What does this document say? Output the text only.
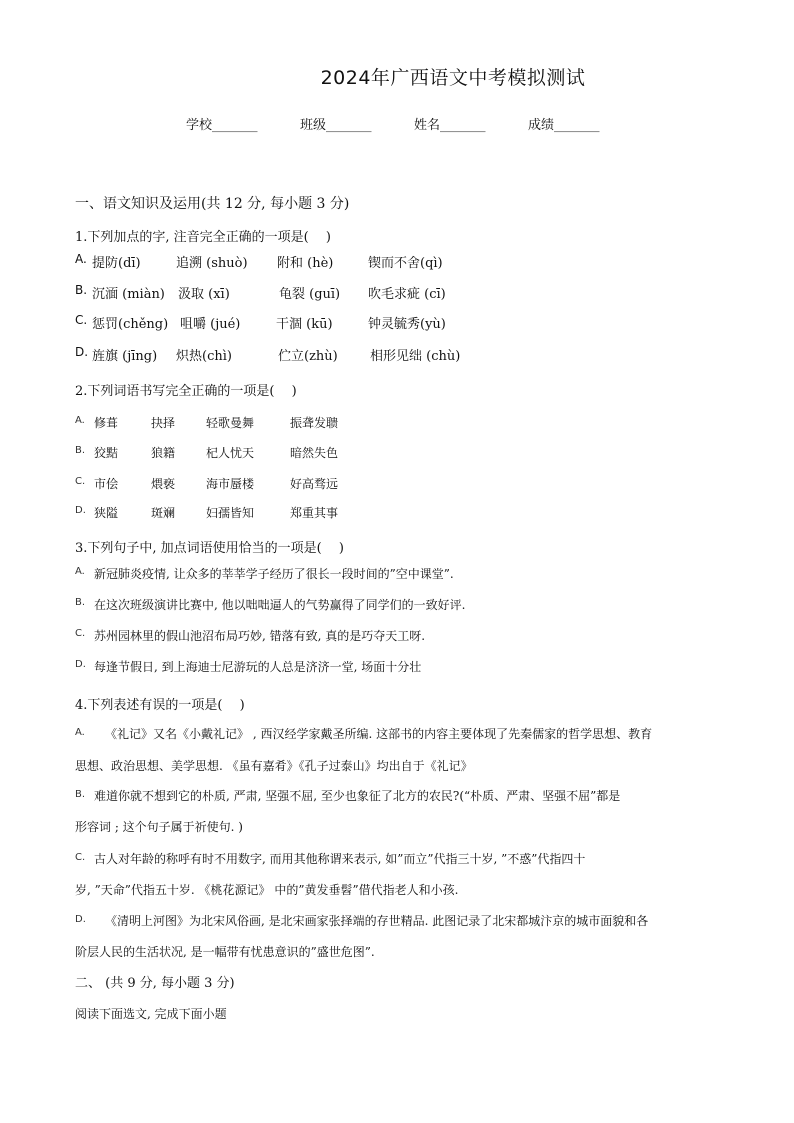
2024年广西语文中考模拟测试
学校_______	班级_______	姓名_______	成绩_______
一、语文知识及运用(共 12 分, 每小题 3 分)
1.下列加点的字, 注音完全正确的一项是(　 )
A. 提防(dī)	追溯 (shuò) 附和 (hè)	锲而不舍(qì)
B. 沉湎 (miàn) 汲取 (xī)	龟裂 (guī) 吹毛求疵 (cī)
C. 惩罚(chěng) 咀嚼 (jué)	干涸 (kū)	钟灵毓秀(yù)
D. 旌旗 (jīng) 炽热(chì)	伫立(zhù) 相形见绌 (chù)
2.下列词语书写完全正确的一项是(　 )
A. 修葺	抉择	轻歌曼舞	振聋发聩
B. 狡黠	狼籍	杞人忧天	暗然失色
C. 市侩	煨亵	海市蜃楼	好高骛远
D. 狭隘	斑斓	妇孺皆知	郑重其事
3.下列句子中, 加点词语使用恰当的一项是(　 )
A. 新冠肺炎疫情, 让众多的莘莘学子经历了很长一段时间的”空中课堂”.
B. 在这次班级演讲比赛中, 他以咄咄逼人的气势赢得了同学们的一致好评.
C. 苏州园林里的假山池沼布局巧妙, 错落有致, 真的是巧夺天工呀.
D. 每逢节假日, 到上海迪士尼游玩的人总是济济一堂, 场面十分壮
4.下列表述有误的一项是(　 )
A. 《礼记》又名《小戴礼记》 , 西汉经学家戴圣所编. 这部书的内容主要体现了先秦儒家的哲学思想、教育
思想、政治思想、美学思想. 《虽有嘉肴》《孔子过泰山》均出自于《礼记》
B. 难道你就不想到它的朴质, 严肃, 坚强不屈, 至少也象征了北方的农民?(“朴质、严肃、坚强不屈”都是
形容词 ; 这个句子属于祈使句. )
C. 古人对年龄的称呼有时不用数字, 而用其他称谓来表示, 如”而立”代指三十岁, ”不惑”代指四十
岁, ”天命”代指五十岁. 《桃花源记》 中的”黄发垂髫”借代指老人和小孩.
D. 《清明上河图》为北宋风俗画, 是北宋画家张择端的存世精品. 此图记录了北宋都城汴京的城市面貌和各
阶层人民的生活状况, 是一幅带有忧患意识的”盛世危图”.
二、 (共 9 分, 每小题 3 分)
阅读下面选文, 完成下面小题
